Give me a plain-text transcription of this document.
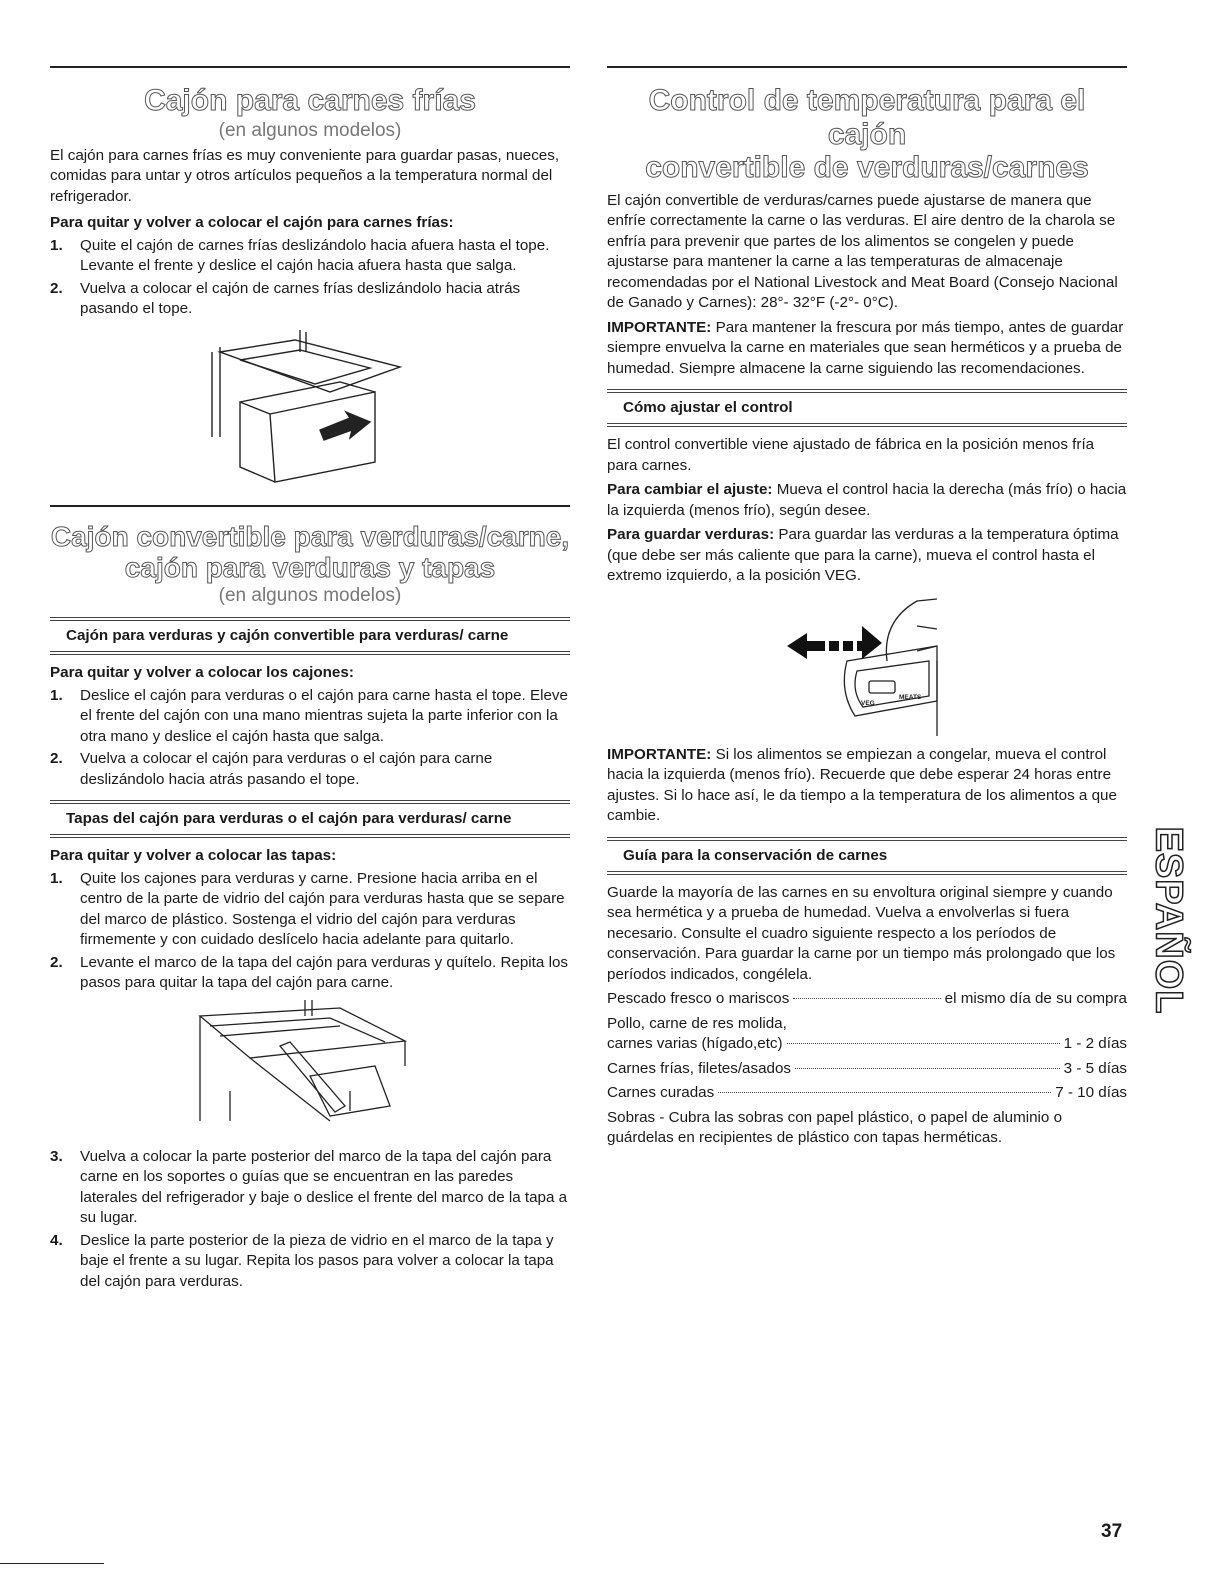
Cajón para carnes frías
(en algunos modelos)

El cajón para carnes frías es muy conveniente para guardar pasas, nueces, comidas para untar y otros artículos pequeños a la temperatura normal del refrigerador.

Para quitar y volver a colocar el cajón para carnes frías:
1. Quite el cajón de carnes frías deslizándolo hacia afuera hasta el tope. Levante el frente y deslice el cajón hacia afuera hasta que salga.
2. Vuelva a colocar el cajón de carnes frías deslizándolo hacia atrás pasando el tope.
Cajón convertible para verduras/carne,
cajón para verduras y tapas
(en algunos modelos)
Cajón para verduras y cajón convertible para verduras/ carne
Para quitar y volver a colocar los cajones:
1. Deslice el cajón para verduras o el cajón para carne hasta el tope. Eleve el frente del cajón con una mano mientras sujeta la parte inferior con la otra mano y deslice el cajón hasta que salga.
2. Vuelva a colocar el cajón para verduras o el cajón para carne deslizándolo hacia atrás pasando el tope.
Tapas del cajón para verduras o el cajón para verduras/ carne
Para quitar y volver a colocar las tapas:
1. Quite los cajones para verduras y carne. Presione hacia arriba en el centro de la parte de vidrio del cajón para verduras hasta que se separe del marco de plástico. Sostenga el vidrio del cajón para verduras firmemente y con cuidado deslícelo hacia adelante para quitarlo.
2. Levante el marco de la tapa del cajón para verduras y quítelo. Repita los pasos para quitar la tapa del cajón para carne.
3. Vuelva a colocar la parte posterior del marco de la tapa del cajón para carne en los soportes o guías que se encuentran en las paredes laterales del refrigerador y baje o deslice el frente del marco de la tapa a su lugar.
4. Deslice la parte posterior de la pieza de vidrio en el marco de la tapa y baje el frente a su lugar. Repita los pasos para volver a colocar la tapa del cajón para verduras.
Control de temperatura para el cajón
convertible de verduras/carnes

El cajón convertible de verduras/carnes puede ajustarse de manera que enfríe correctamente la carne o las verduras. El aire dentro de la charola se enfría para prevenir que partes de los alimentos se congelen y puede ajustarse para mantener la carne a las temperaturas de almacenaje recomendadas por el National Livestock and Meat Board (Consejo Nacional de Ganado y Carnes): 28°- 32°F (-2°- 0°C).

IMPORTANTE: Para mantener la frescura por más tiempo, antes de guardar siempre envuelva la carne en materiales que sean herméticos y a prueba de humedad. Siempre almacene la carne siguiendo las recomendaciones.

Cómo ajustar el control

El control convertible viene ajustado de fábrica en la posición menos fría para carnes.

Para cambiar el ajuste: Mueva el control hacia la derecha (más frío) o hacia la izquierda (menos frío), según desee.

Para guardar verduras: Para guardar las verduras a la temperatura óptima (que debe ser más caliente que para la carne), mueva el control hasta el extremo izquierdo, a la posición VEG.

VEG
MEATS

IMPORTANTE: Si los alimentos se empiezan a congelar, mueva el control hacia la izquierda (menos frío). Recuerde que debe esperar 24 horas entre ajustes. Si lo hace así, le da tiempo a la temperatura de los alimentos a que cambie.

Guía para la conservación de carnes

Guarde la mayoría de las carnes en su envoltura original siempre y cuando sea hermética y a prueba de humedad. Vuelva a envolverlas si fuera necesario. Consulte el cuadro siguiente respecto a los períodos de conservación. Para guardar la carne por un tiempo más prolongado que los períodos indicados, congélela.

Pescado fresco o mariscos	el mismo día de su compra
Pollo, carne de res molida,
carnes varias (hígado,etc)	1 - 2 días
Carnes frías, filetes/asados	3 - 5 días
Carnes curadas	7 - 10 días

Sobras - Cubra las sobras con papel plástico, o papel de aluminio o guárdelas en recipientes de plástico con tapas herméticas.

ESPAÑOL
37
